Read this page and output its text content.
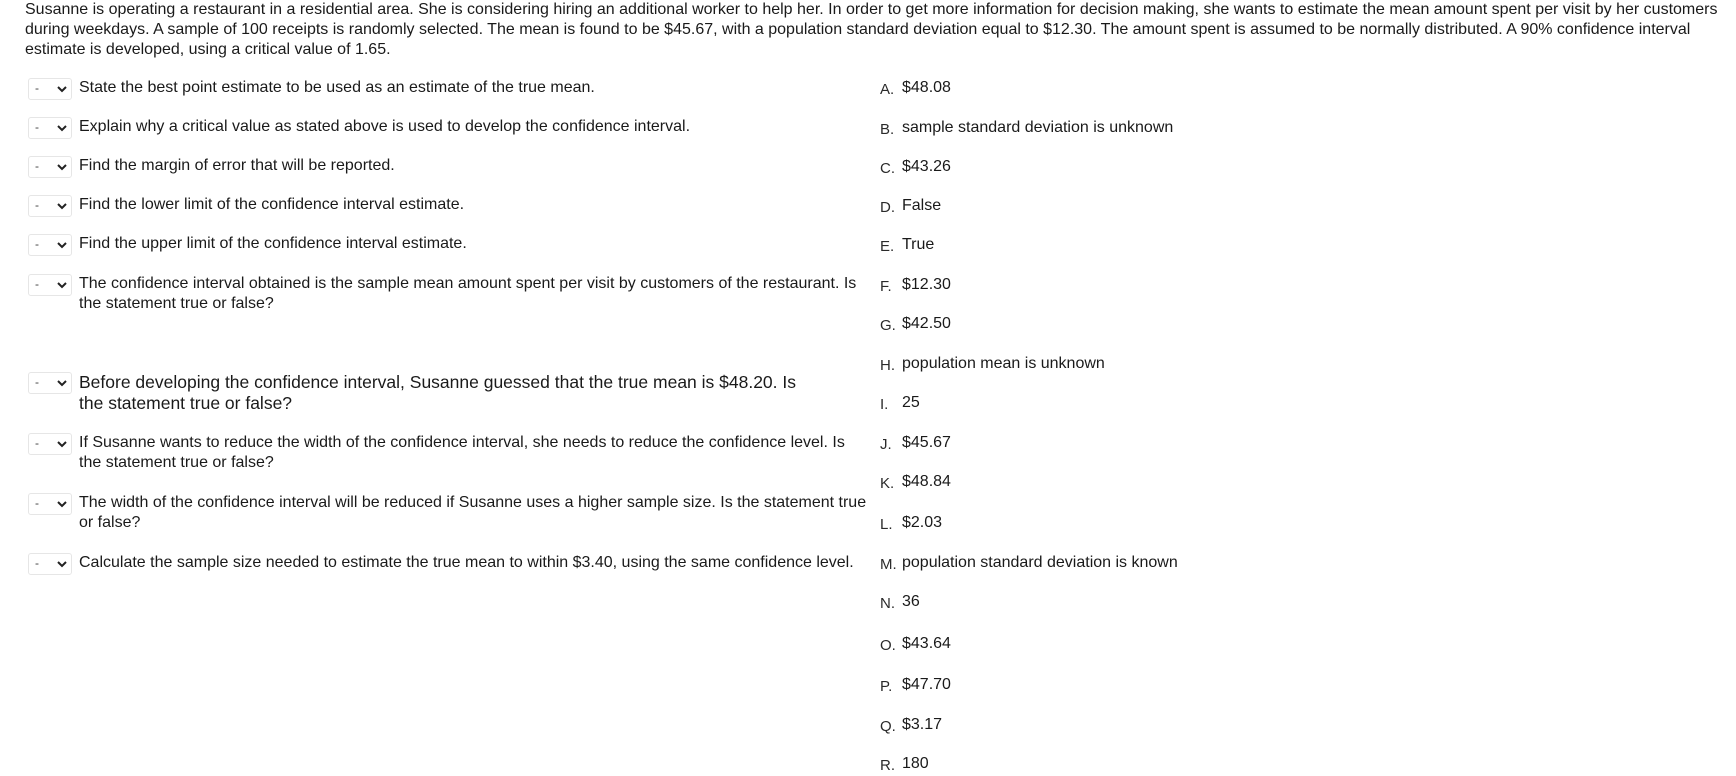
Susanne is operating a restaurant in a residential area. She is considering hiring an additional worker to help her. In order to get more information for decision making, she wants to estimate the mean amount spent per visit by her customers during weekdays. A sample of 100 receipts is randomly selected. The mean is found to be $45.67, with a population standard deviation equal to $12.30. The amount spent is assumed to be normally distributed. A 90% confidence interval estimate is developed, using a critical value of 1.65.

-	State the best point estimate to be used as an estimate of the true mean.
-	Explain why a critical value as stated above is used to develop the confidence interval.
-	Find the margin of error that will be reported.
-	Find the lower limit of the confidence interval estimate.
-	Find the upper limit of the confidence interval estimate.
-	The confidence interval obtained is the sample mean amount spent per visit by customers of the restaurant. Is the statement true or false?
- Before developing the confidence interval, Susanne guessed that the true mean is $48.20. Is the statement true or false?
-	If Susanne wants to reduce the width of the confidence interval, she needs to reduce the confidence level. Is the statement true or false?
-	The width of the confidence interval will be reduced if Susanne uses a higher sample size. Is the statement true or false?
-	Calculate the sample size needed to estimate the true mean to within $3.40, using the same confidence level.
A. $48.08
B. sample standard deviation is unknown
C. $43.26
D. False
E. True
F. $12.30
G. $42.50
H. population mean is unknown
I. 25
J. $45.67
K. $48.84
L. $2.03
M. population standard deviation is known
N. 36
O. $43.64
P. $47.70
Q. $3.17
R. 180
